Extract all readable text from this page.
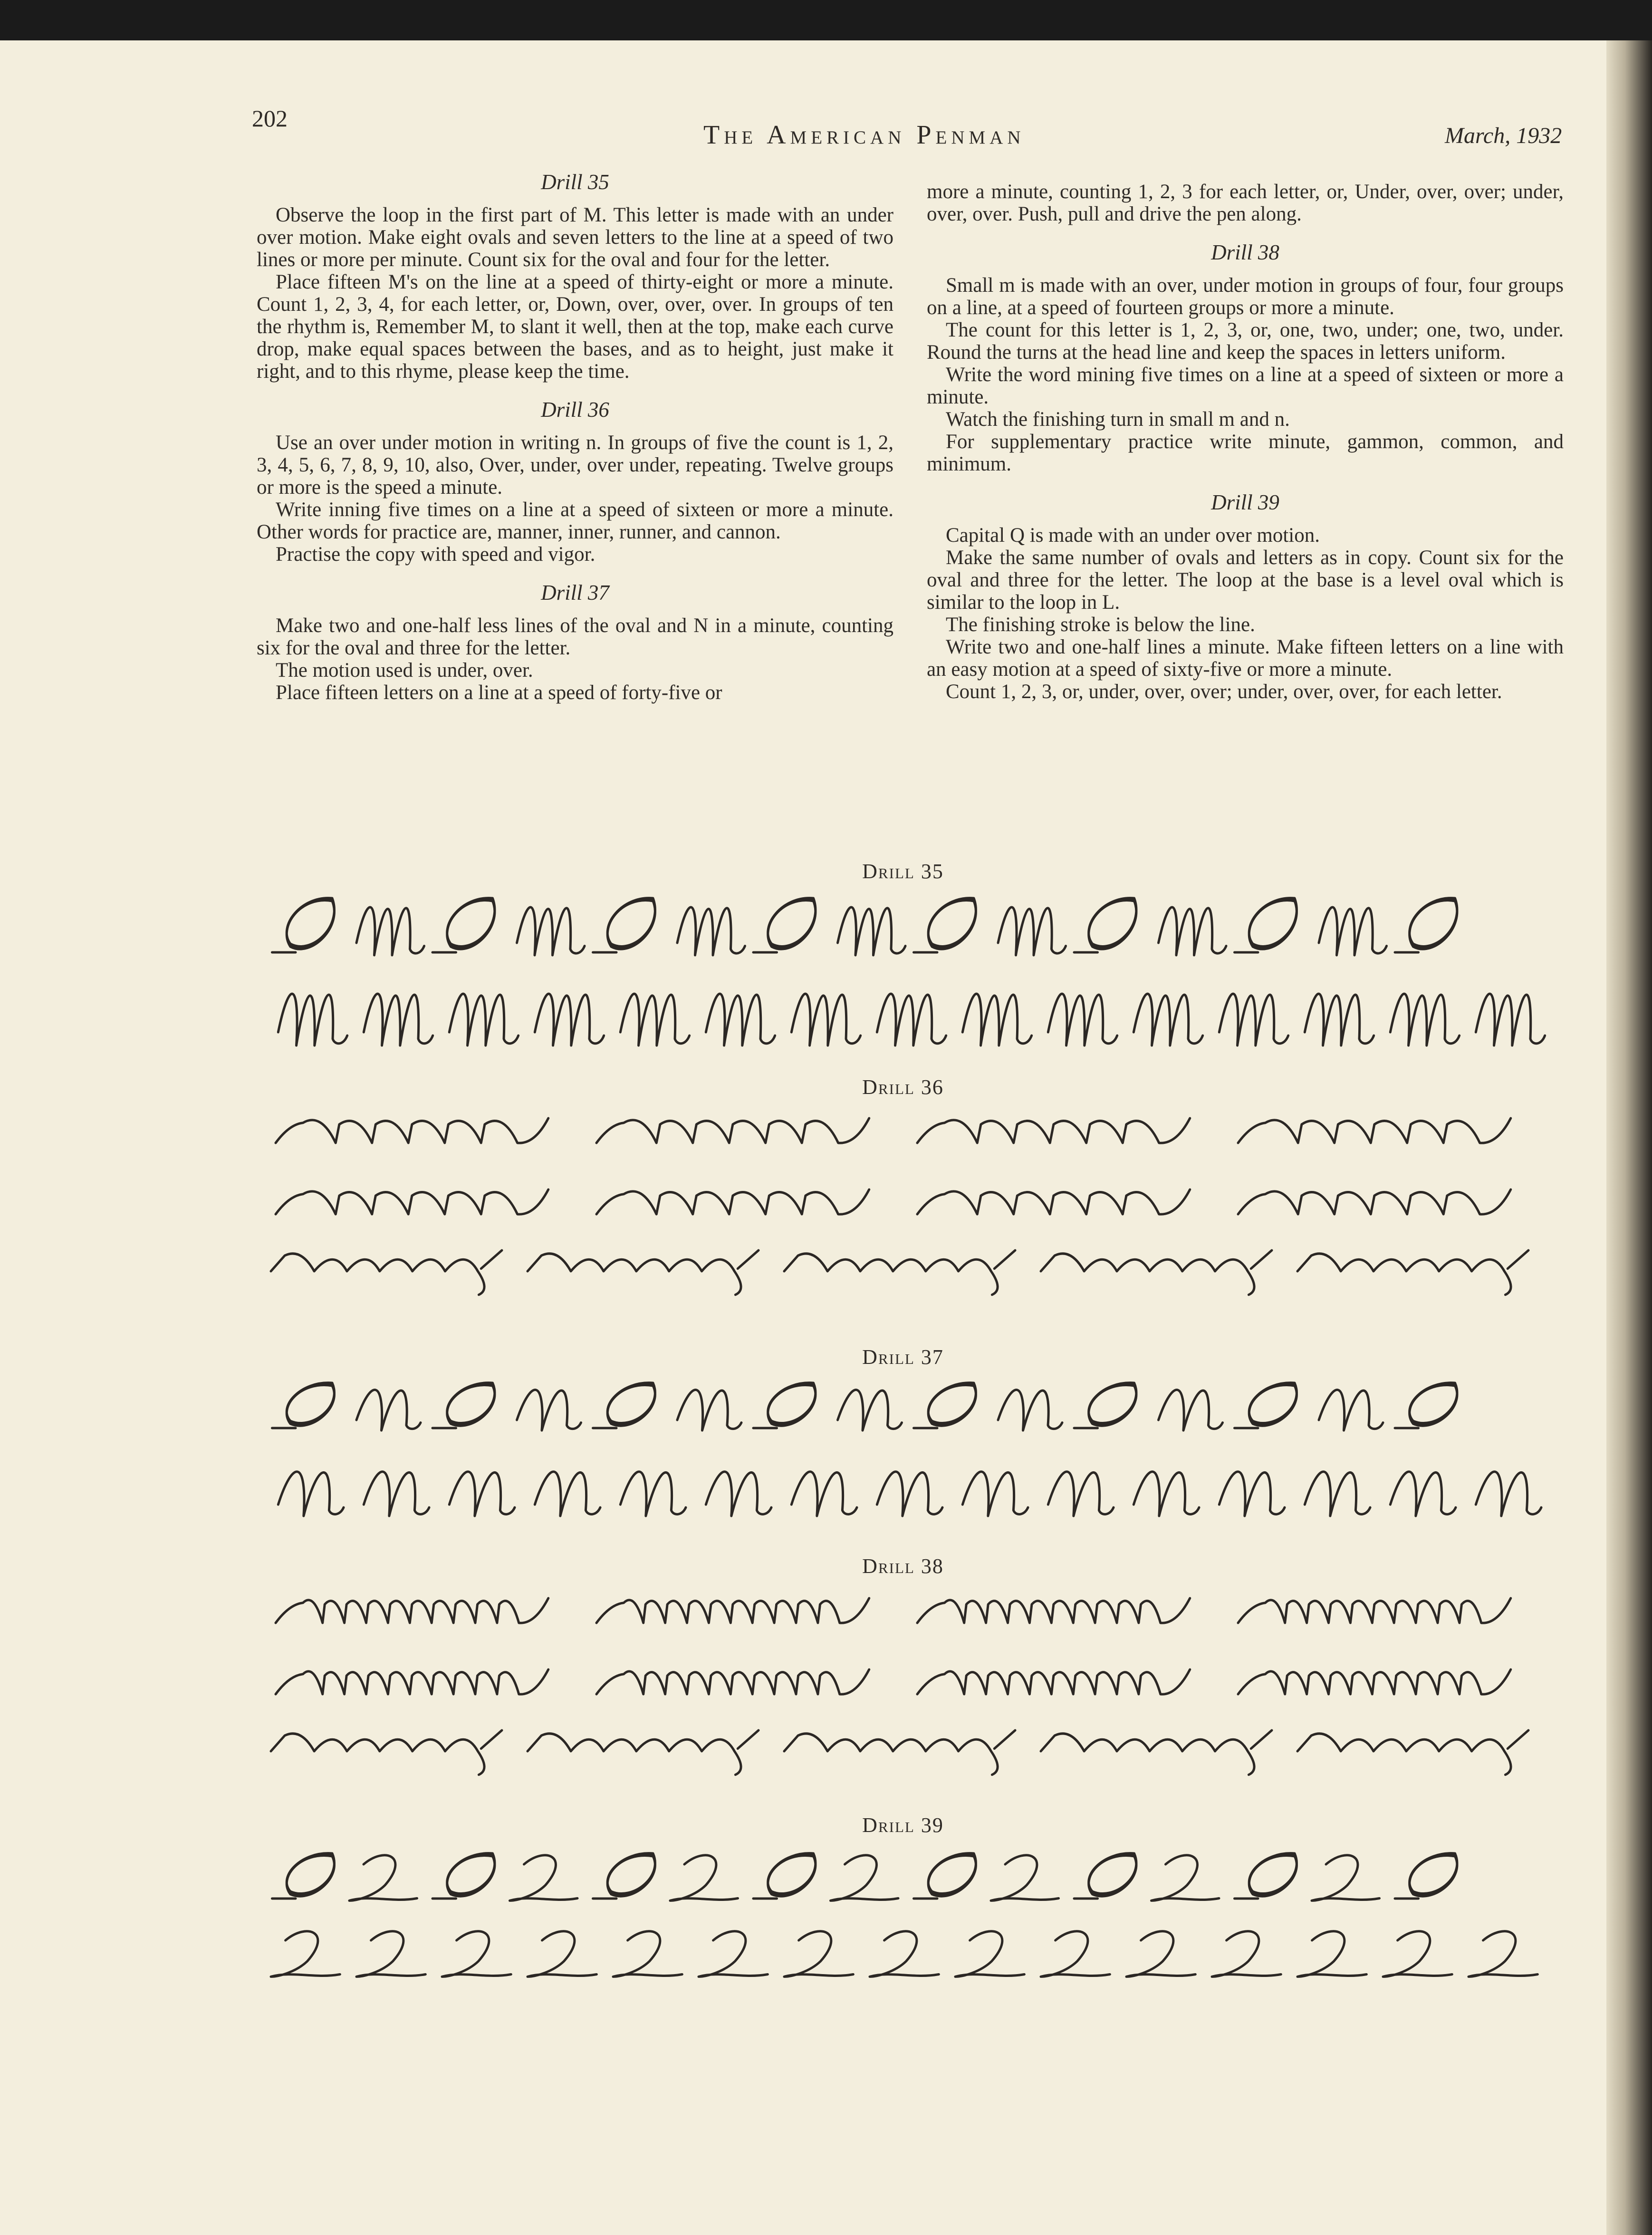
202
The American Penman	March, 1932
Drill 35

Observe the loop in the first part of M. This letter is made with an under over motion. Make eight ovals and seven letters to the line at a speed of two lines or more per minute. Count six for the oval and four for the letter.

Place fifteen M's on the line at a speed of thirty-eight or more a minute. Count 1, 2, 3, 4, for each letter, or, Down, over, over, over. In groups of ten the rhythm is, Remember M, to slant it well, then at the top, make each curve drop, make equal spaces between the bases, and as to height, just make it right, and to this rhyme, please keep the time.

Drill 36

Use an over under motion in writing n. In groups of five the count is 1, 2, 3, 4, 5, 6, 7, 8, 9, 10, also, Over, under, over under, repeating. Twelve groups or more is the speed a minute.

Write inning five times on a line at a speed of sixteen or more a minute. Other words for practice are, manner, inner, runner, and cannon.

Practise the copy with speed and vigor.

Drill 37

Make two and one-half less lines of the oval and N in a minute, counting six for the oval and three for the letter.

The motion used is under, over.

Place fifteen letters on a line at a speed of forty-five or

more a minute, counting 1, 2, 3 for each letter, or, Under, over, over; under, over, over. Push, pull and drive the pen along.

Drill 38

Small m is made with an over, under motion in groups of four, four groups on a line, at a speed of fourteen groups or more a minute.

The count for this letter is 1, 2, 3, or, one, two, under; one, two, under. Round the turns at the head line and keep the spaces in letters uniform.

Write the word mining five times on a line at a speed of sixteen or more a minute.

Watch the finishing turn in small m and n.

For supplementary practice write minute, gammon, common, and minimum.

Drill 39

Capital Q is made with an under over motion.

Make the same number of ovals and letters as in copy. Count six for the oval and three for the letter. The loop at the base is a level oval which is similar to the loop in L.

The finishing stroke is below the line.

Write two and one-half lines a minute. Make fifteen letters on a line with an easy motion at a speed of sixty-five or more a minute.

Count 1, 2, 3, or, under, over, over; under, over, over, for each letter.

Drill 35
Drill 36
Drill 37
Drill 38
Drill 39
